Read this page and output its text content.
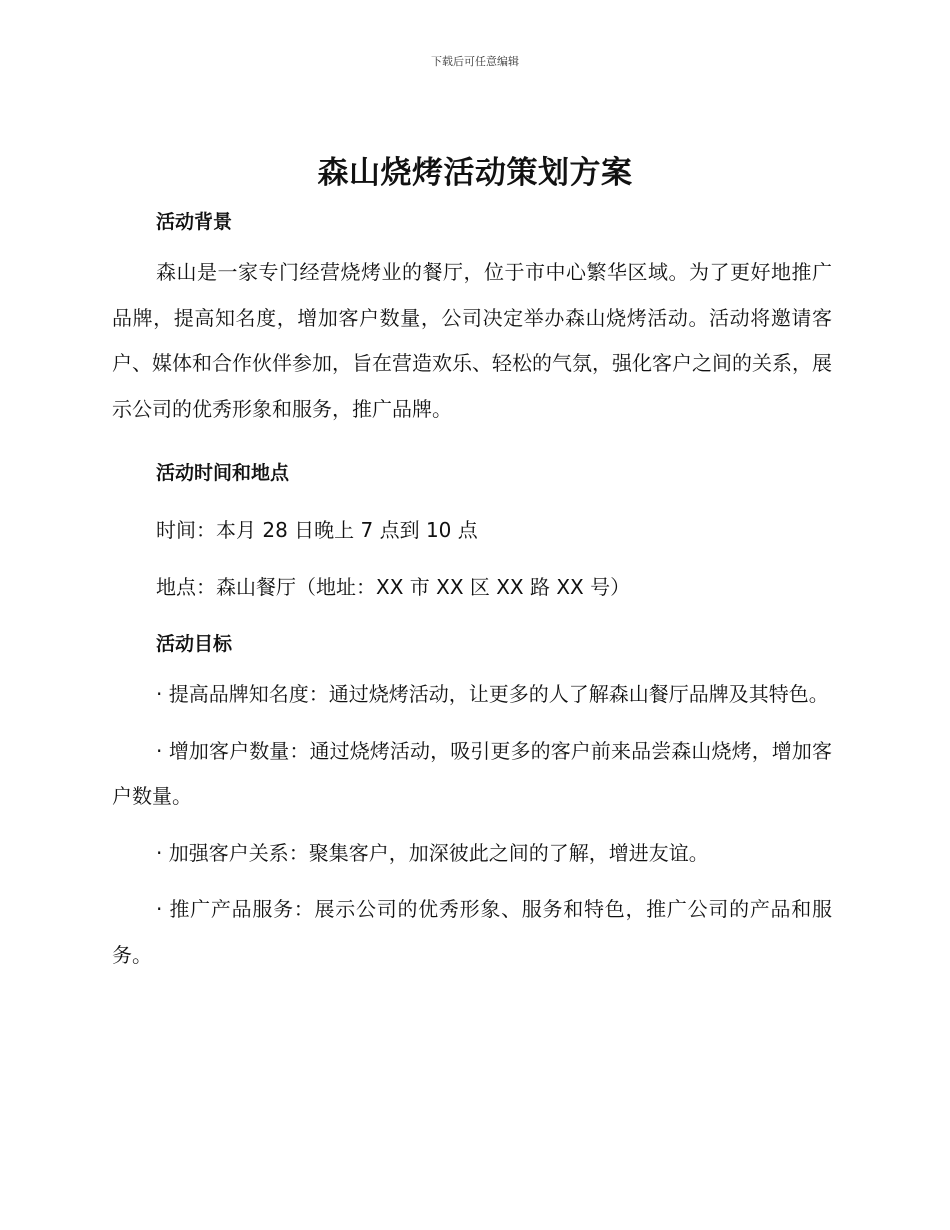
下载后可任意编辑
森山烧烤活动策划方案

活动背景

森山是一家专门经营烧烤业的餐厅，位于市中心繁华区域。为了更好地推广品牌，提高知名度，增加客户数量，公司决定举办森山烧烤活动。活动将邀请客户、媒体和合作伙伴参加，旨在营造欢乐、轻松的气氛，强化客户之间的关系，展示公司的优秀形象和服务，推广品牌。

活动时间和地点

时间：本月 28 日晚上 7 点到 10 点

地点：森山餐厅（地址：XX 市 XX 区 XX 路 XX 号）

活动目标

· 提高品牌知名度：通过烧烤活动，让更多的人了解森山餐厅品牌及其特色。

· 增加客户数量：通过烧烤活动，吸引更多的客户前来品尝森山烧烤，增加客户数量。

· 加强客户关系：聚集客户，加深彼此之间的了解，增进友谊。

· 推广产品服务：展示公司的优秀形象、服务和特色，推广公司的产品和服务。
